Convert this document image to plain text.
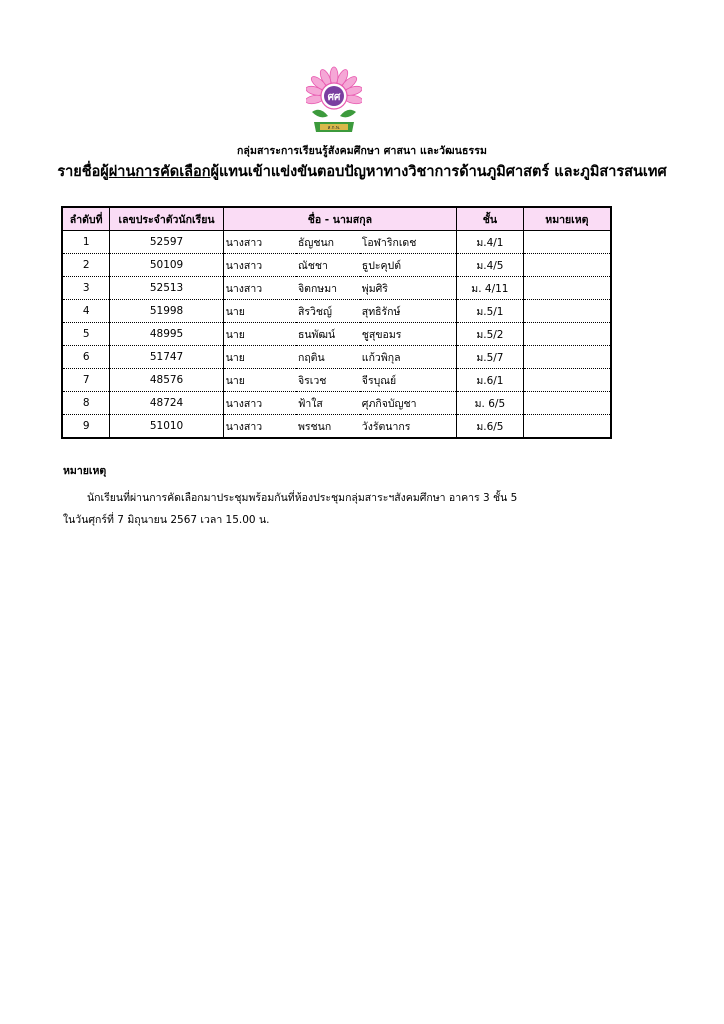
ศศ
ส.ก.พ.
กลุ่มสาระการเรียนรู้สังคมศึกษา ศาสนา และวัฒนธรรม
รายชื่อผู้ผ่านการคัดเลือกผู้แทนเข้าแข่งขันตอบปัญหาทางวิชาการด้านภูมิศาสตร์ และภูมิสารสนเทศ
ลำดับที่	เลขประจำตัวนักเรียน	ชื่อ - นามสกุล			ชั้น	หมายเหตุ
1	52597	นางสาว	ธัญชนก	โอฬาริกเดช	ม.4/1	
2	50109	นางสาว	ณัชชา	ธูปะคุปต์	ม.4/5	
3	52513	นางสาว	จิตกษมา	พุ่มศิริ	ม. 4/11	
4	51998	นาย	สิรวิชญ์	สุทธิรักษ์	ม.5/1	
5	48995	นาย	ธนพัฒน์	ชูสุขอมร	ม.5/2	
6	51747	นาย	กฤติน	แก้วพิกุล	ม.5/7	
7	48576	นาย	จิรเวช	จีรบุณย์	ม.6/1	
8	48724	นางสาว	ฟ้าใส	ศุภกิจบัญชา	ม. 6/5	
9	51010	นางสาว	พรชนก	วังรัตนากร	ม.6/5	
หมายเหตุ
นักเรียนที่ผ่านการคัดเลือกมาประชุมพร้อมกันที่ห้องประชุมกลุ่มสาระฯสังคมศึกษา อาคาร 3 ชั้น 5
ในวันศุกร์ที่ 7 มิถุนายน 2567 เวลา 15.00 น.
